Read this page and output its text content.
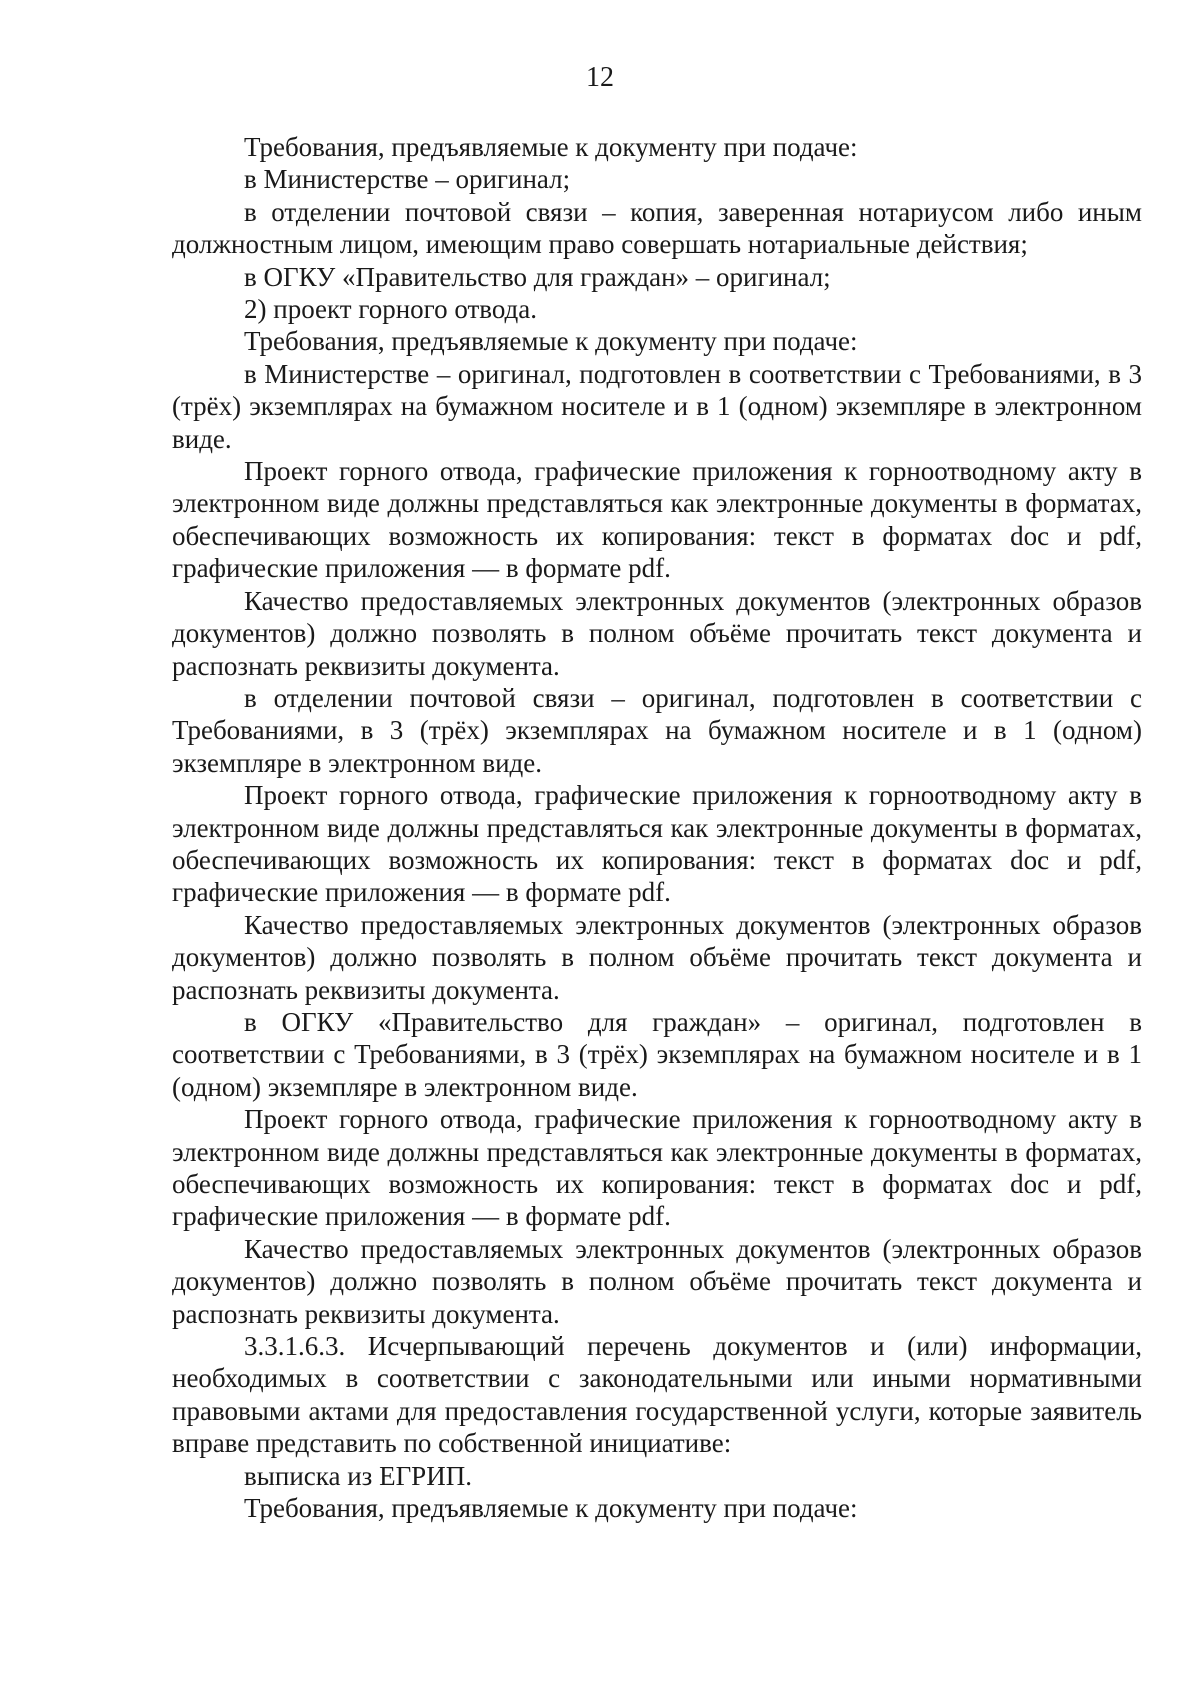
12

Требования, предъявляемые к документу при подаче:

в Министерстве – оригинал;

в отделении почтовой связи – копия, заверенная нотариусом либо иным должностным лицом, имеющим право совершать нотариальные действия;

в ОГКУ «Правительство для граждан» – оригинал;

2) проект горного отвода.

Требования, предъявляемые к документу при подаче:

в Министерстве – оригинал, подготовлен в соответствии с Требованиями, в 3 (трёх) экземплярах на бумажном носителе и в 1 (одном) экземпляре в электронном виде.

Проект горного отвода, графические приложения к горноотводному акту в электронном виде должны представляться как электронные документы в форматах, обеспечивающих возможность их копирования: текст в форматах doc и pdf, графические приложения — в формате pdf.

Качество предоставляемых электронных документов (электронных образов документов) должно позволять в полном объёме прочитать текст документа и распознать реквизиты документа.

в отделении почтовой связи – оригинал, подготовлен в соответствии с Требованиями, в 3 (трёх) экземплярах на бумажном носителе и в 1 (одном) экземпляре в электронном виде.

Проект горного отвода, графические приложения к горноотводному акту в электронном виде должны представляться как электронные документы в форматах, обеспечивающих возможность их копирования: текст в форматах doc и pdf, графические приложения — в формате pdf.

Качество предоставляемых электронных документов (электронных образов документов) должно позволять в полном объёме прочитать текст документа и распознать реквизиты документа.

в ОГКУ «Правительство для граждан» – оригинал, подготовлен в соответствии с Требованиями, в 3 (трёх) экземплярах на бумажном носителе и в 1 (одном) экземпляре в электронном виде.

Проект горного отвода, графические приложения к горноотводному акту в электронном виде должны представляться как электронные документы в форматах, обеспечивающих возможность их копирования: текст в форматах doc и pdf, графические приложения — в формате pdf.

Качество предоставляемых электронных документов (электронных образов документов) должно позволять в полном объёме прочитать текст документа и распознать реквизиты документа.

3.3.1.6.3. Исчерпывающий перечень документов и (или) информации, необходимых в соответствии с законодательными или иными нормативными правовыми актами для предоставления государственной услуги, которые заявитель вправе представить по собственной инициативе:

выписка из ЕГРИП.

Требования, предъявляемые к документу при подаче:
